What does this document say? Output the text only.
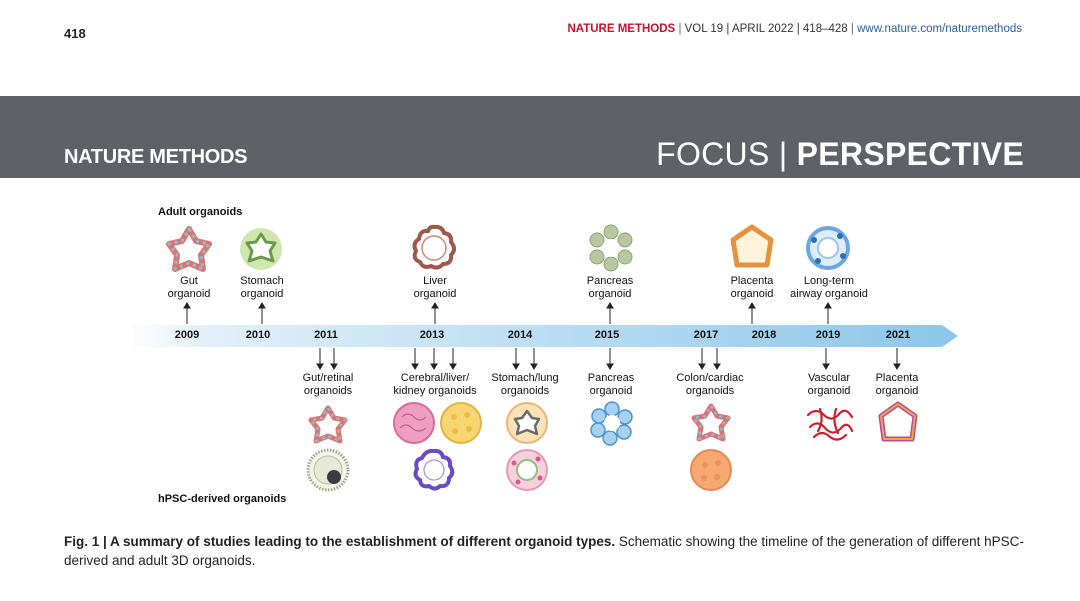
418	NATURE METHODS | VOL 19 | APRIL 2022 | 418–428 | www.nature.com/naturemethods
NATURE METHODS	FOCUS | PERSPECTIVE
Adult organoids
hPSC-derived organoids
Gut
organoid
Stomach
organoid
Liver
organoid
Pancreas
organoid
Placenta
organoid
Long-term
airway organoid
2009	2010	2011	2013	2014	2015	2017	2018	2019	2021
Gut/retinal
organoids
Cerebral/liver/
kidney organoids
Stomach/lung
organoids
Pancreas
organoid
Colon/cardiac
organoids
Vascular
organoid
Placenta
organoid
Fig. 1 | A summary of studies leading to the establishment of different organoid types. Schematic showing the timeline of the generation of different hPSC-derived and adult 3D organoids.
